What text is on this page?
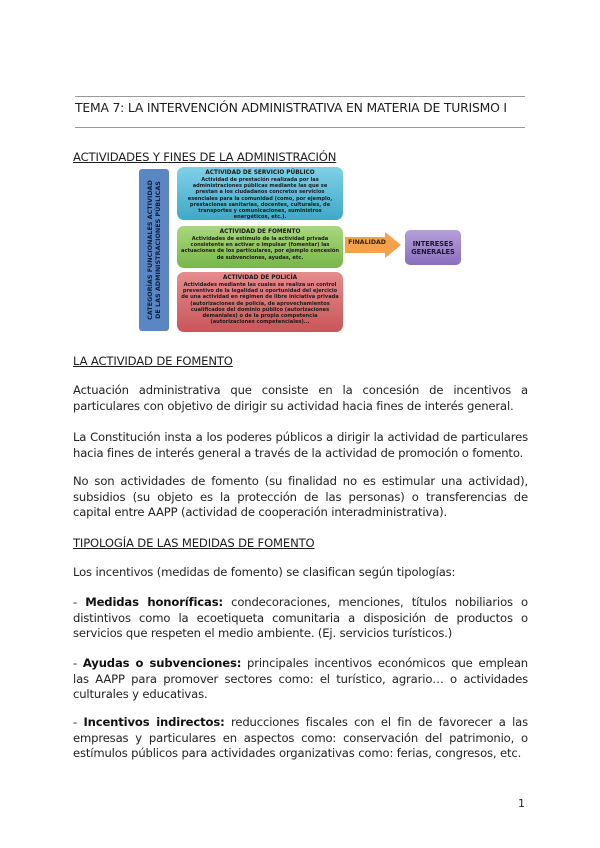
TEMA 7: LA INTERVENCIÓN ADMINISTRATIVA EN MATERIA DE TURISMO I
ACTIVIDADES Y FINES DE LA ADMINISTRACIÓN
CATEGORÍAS FUNCIONALES ACTIVIDAD DE LAS ADMINISTRACIONES PÚBLICAS
ACTIVIDAD DE SERVICIO PÚBLICO
Actividad de prestación realizada por las administraciones públicas mediante las que se prestan a los ciudadanos concretos servicios esenciales para la comunidad (como, por ejemplo, prestaciones sanitarias, docentes, culturales, de transportes y comunicaciones, suministros energéticos, etc.).
ACTIVIDAD DE FOMENTO
Actividades de estímulo de la actividad privada consistente en activar o impulsar (fomentar) las actuaciones de los particulares, por ejemplo concesión de subvenciones, ayudas, etc.
ACTIVIDAD DE POLICÍA
Actividades mediante las cuales se realiza un control preventivo de la legalidad u oportunidad del ejercicio de una actividad en régimen de libre iniciativa privada (autorizaciones de policía, de aprovechamientos cualificados del dominio público (autorizaciones demaniales) o de la propia competencia (autorizaciones competenciales)...
FINALIDAD	INTERESES
GENERALES
LA ACTIVIDAD DE FOMENTO
Actuación administrativa que consiste en la concesión de incentivos a particulares con objetivo de dirigir su actividad hacia fines de interés general.
La Constitución insta a los poderes públicos a dirigir la actividad de particulares hacia fines de interés general a través de la actividad de promoción o fomento.
No son actividades de fomento (su finalidad no es estimular una actividad), subsidios (su objeto es la protección de las personas) o transferencias de capital entre AAPP (actividad de cooperación interadministrativa).
TIPOLOGÍA DE LAS MEDIDAS DE FOMENTO
Los incentivos (medidas de fomento) se clasifican según tipologías:
- Medidas honoríficas: condecoraciones, menciones, títulos nobiliarios o distintivos como la ecoetiqueta comunitaria a disposición de productos o servicios que respeten el medio ambiente. (Ej. servicios turísticos.)
- Ayudas o subvenciones: principales incentivos económicos que emplean las AAPP para promover sectores como: el turístico, agrario… o actividades culturales y educativas.
- Incentivos indirectos: reducciones fiscales con el fin de favorecer a las empresas y particulares en aspectos como: conservación del patrimonio, o estímulos públicos para actividades organizativas como: ferias, congresos, etc.
1
